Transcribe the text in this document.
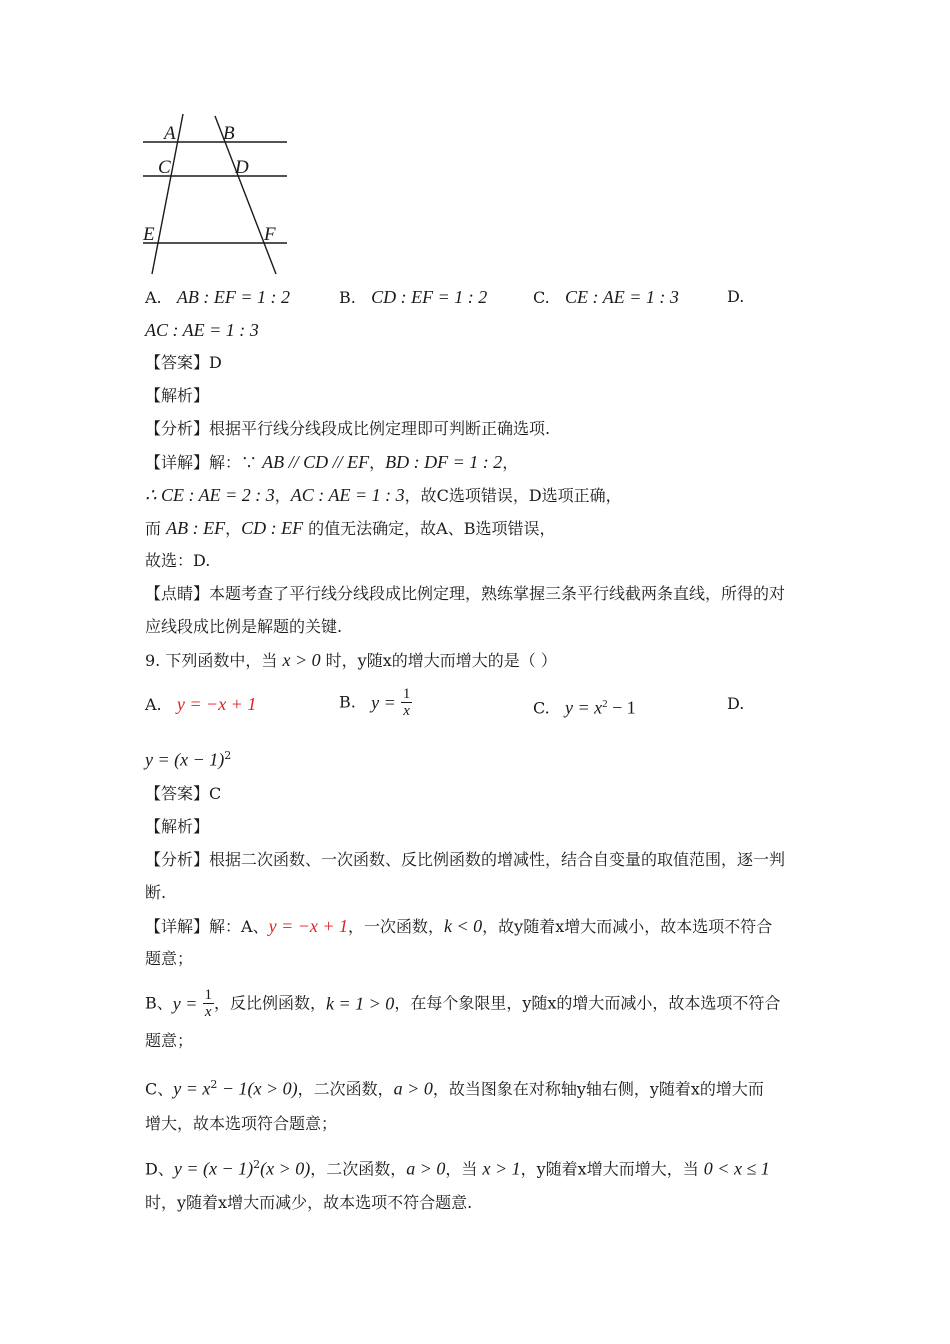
A B
C	D
E	F
A. AB : EF = 1 : 2	B. CD : EF = 1 : 2	C. CE : AE = 1 : 3	D.
AC : AE = 1 : 3
【答案】D
【解析】
【分析】根据平行线分线段成比例定理即可判断正确选项.
【详解】解：∵ AB // CD // EF，BD : DF = 1 : 2，
∴ CE : AE = 2 : 3，AC : AE = 1 : 3，故C选项错误，D选项正确，
而 AB : EF，CD : EF 的值无法确定，故A、B选项错误，
故选：D.
【点睛】本题考查了平行线分线段成比例定理，熟练掌握三条平行线截两条直线，所得的对
应线段成比例是解题的关键.
9. 下列函数中，当 x > 0 时，y随x的增大而增大的是（ ）
A. y = −x + 1	B. $y = \frac{1}{x}$	C. $y = x^2 - 1$	D.
$y = (x - 1)^2$
【答案】C
【解析】
【分析】根据二次函数、一次函数、反比例函数的增减性，结合自变量的取值范围，逐一判
断.
【详解】解：A、y = −x + 1，一次函数，k < 0，故y随着x增大而减小，故本选项不符合
题意；
B、$y = \frac{1}{x}$ ，反比例函数，k = 1 > 0，在每个象限里，y随x的增大而减小，故本选项不符合
题意；
C、$y = x^2 - 1(x > 0)$，二次函数，a > 0，故当图象在对称轴y轴右侧，y随着x的增大而
增大，故本选项符合题意；
D、$y = (x - 1)^2(x > 0)$，二次函数，a > 0，当 x > 1，y随着x增大而增大，当 0 < x ≤ 1
时，y随着x增大而减少，故本选项不符合题意.
